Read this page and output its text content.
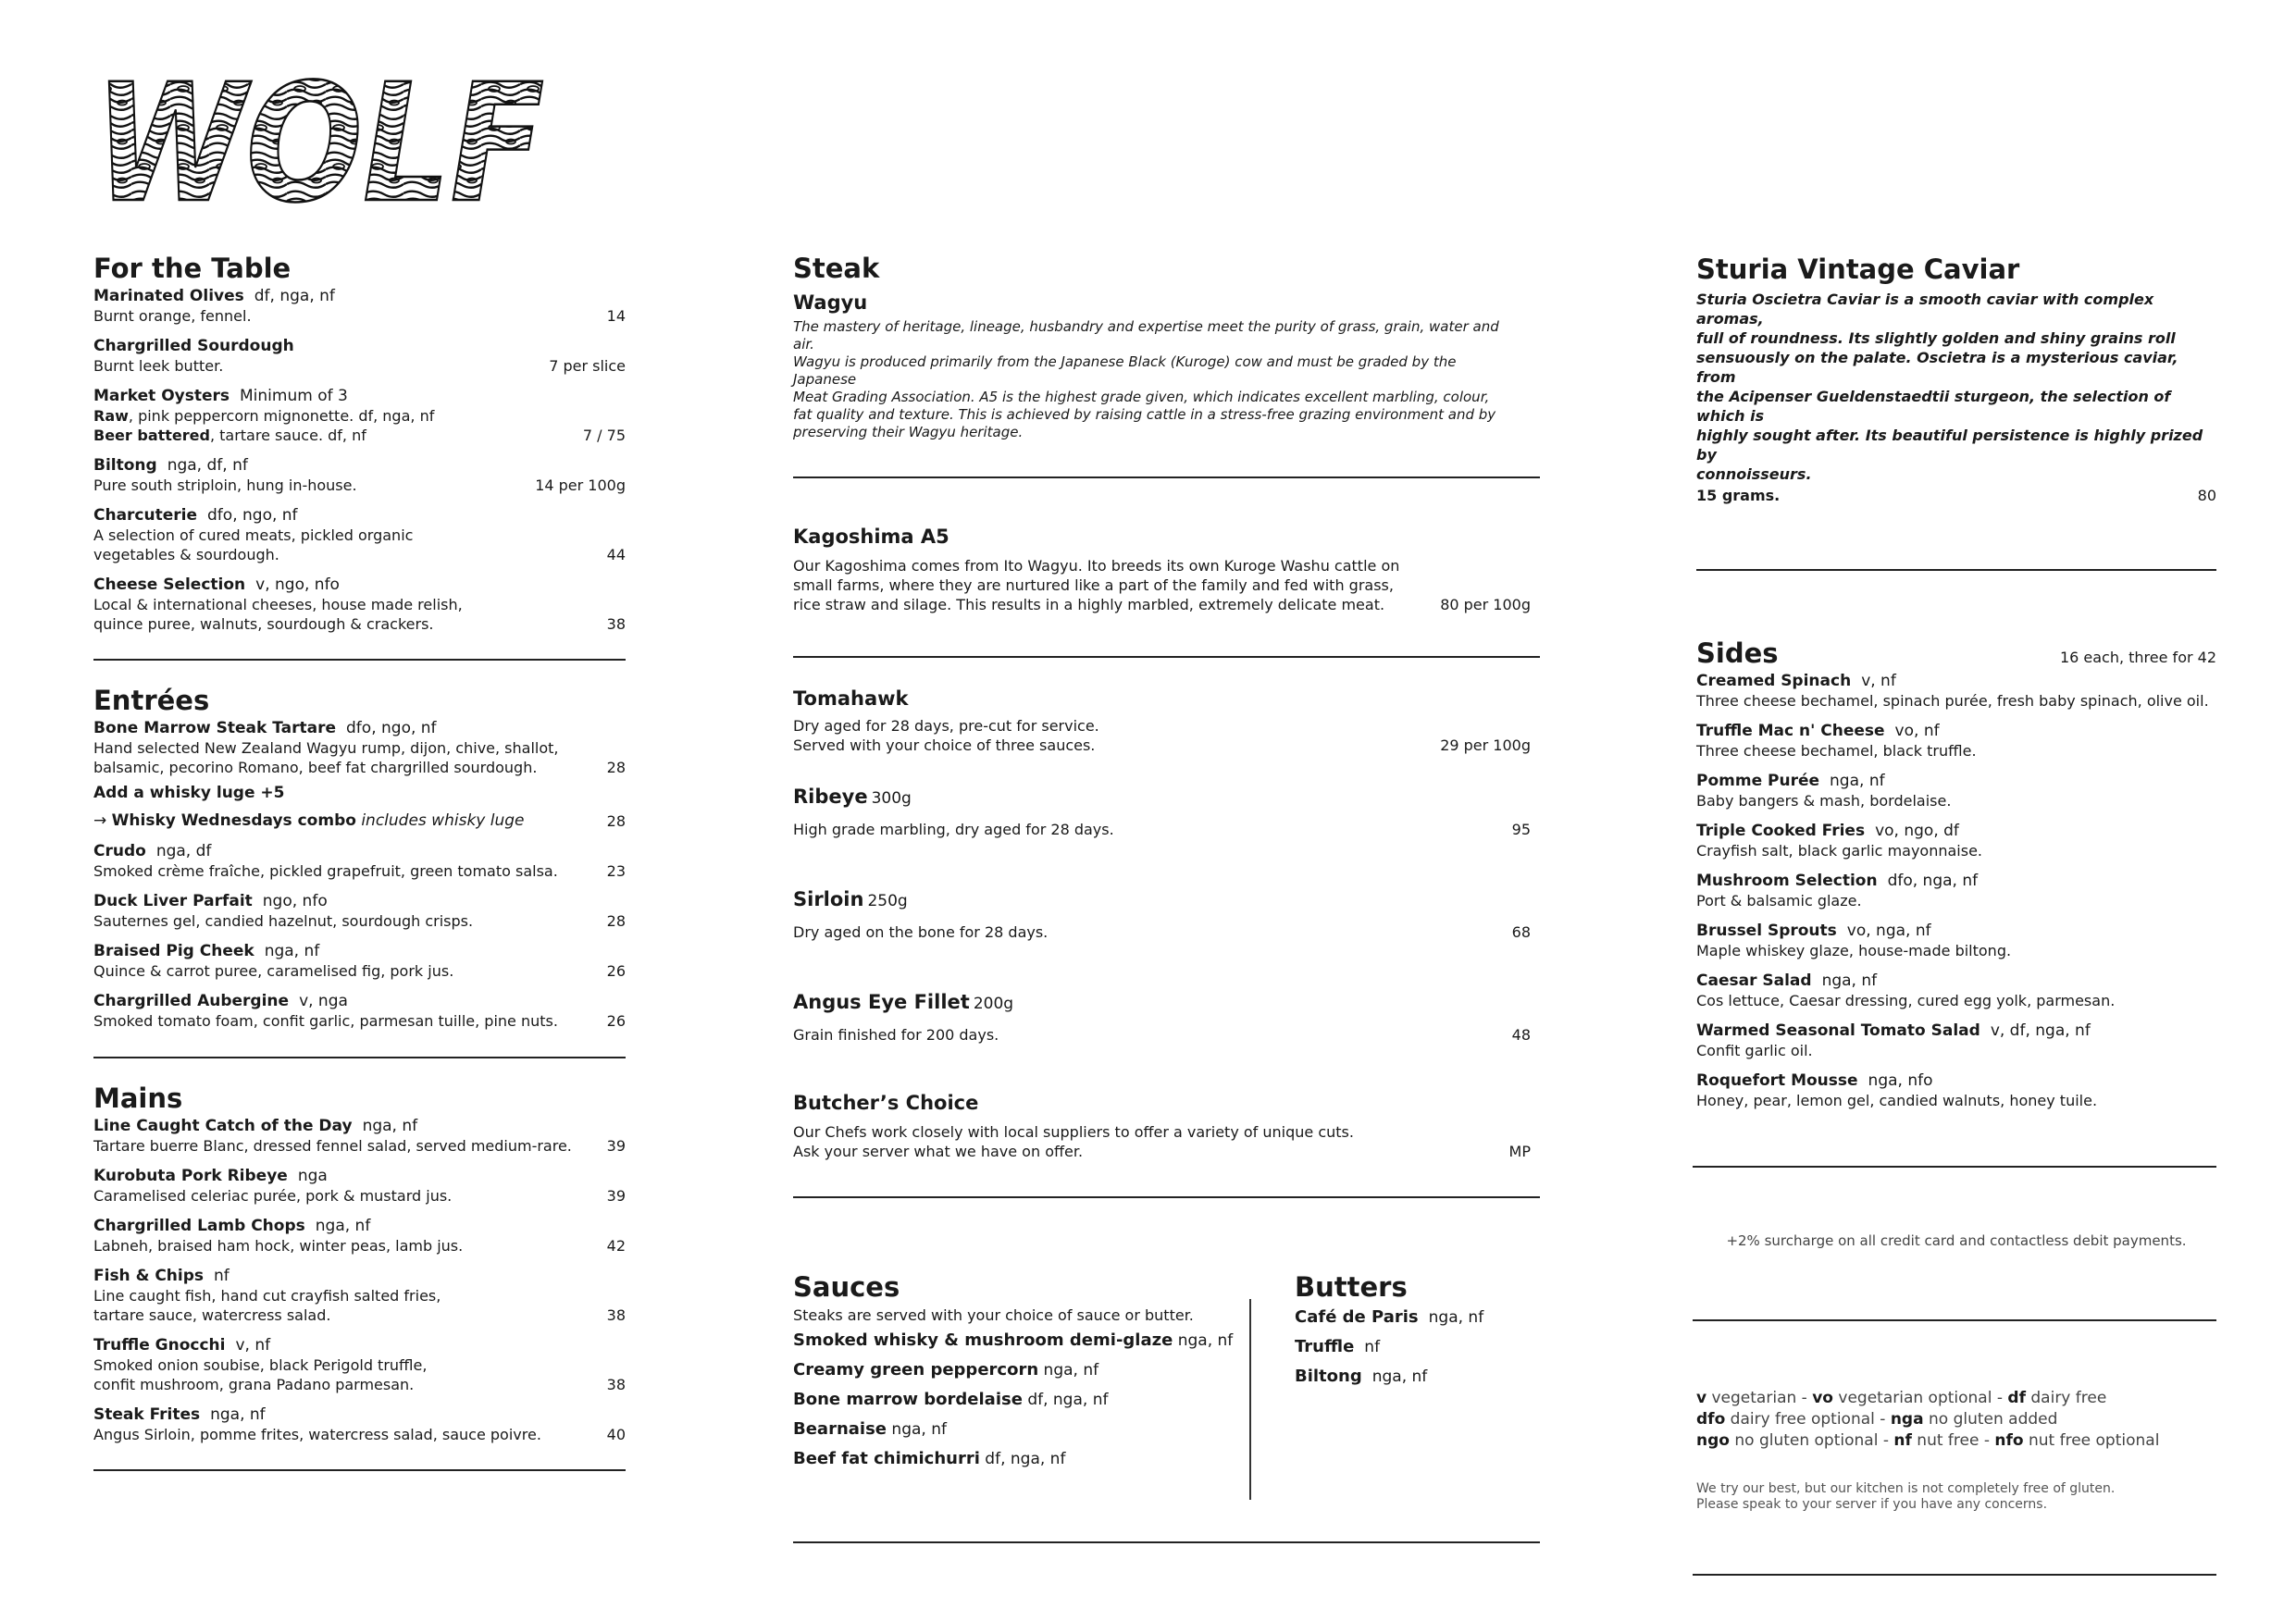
WOLF
For the Table
Marinated Olives df, nga, nf
Burnt orange, fennel.	14
Chargrilled Sourdough
Burnt leek butter.	7 per slice
Market Oysters Minimum of 3
Raw, pink peppercorn mignonette. df, nga, nf
Beer battered, tartare sauce. df, nf	7 / 75
Biltong nga, df, nf
Pure south striploin, hung in-house.	14 per 100g
Charcuterie dfo, ngo, nf
A selection of cured meats, pickled organic
vegetables & sourdough.	44
Cheese Selection v, ngo, nfo
Local & international cheeses, house made relish,
quince puree, walnuts, sourdough & crackers.	38
Entrées
Bone Marrow Steak Tartare dfo, ngo, nf
Hand selected New Zealand Wagyu rump, dijon, chive, shallot,
balsamic, pecorino Romano, beef fat chargrilled sourdough.	28
Add a whisky luge +5
→ Whisky Wednesdays combo includes whisky luge	28
Crudo nga, df
Smoked crème fraîche, pickled grapefruit, green tomato salsa.	23
Duck Liver Parfait ngo, nfo
Sauternes gel, candied hazelnut, sourdough crisps.	28
Braised Pig Cheek nga, nf
Quince & carrot puree, caramelised fig, pork jus.	26
Chargrilled Aubergine v, nga
Smoked tomato foam, confit garlic, parmesan tuille, pine nuts.	26
Mains
Line Caught Catch of the Day nga, nf
Tartare buerre Blanc, dressed fennel salad, served medium-rare.	39
Kurobuta Pork Ribeye nga
Caramelised celeriac purée, pork & mustard jus.	39
Chargrilled Lamb Chops nga, nf
Labneh, braised ham hock, winter peas, lamb jus.	42
Fish & Chips nf
Line caught fish, hand cut crayfish salted fries,
tartare sauce, watercress salad.	38
Truffle Gnocchi v, nf
Smoked onion soubise, black Perigold truffle,
confit mushroom, grana Padano parmesan.	38
Steak Frites nga, nf
Angus Sirloin, pomme frites, watercress salad, sauce poivre.	40
Steak
Wagyu
The mastery of heritage, lineage, husbandry and expertise meet the purity of grass, grain, water and air.
Wagyu is produced primarily from the Japanese Black (Kuroge) cow and must be graded by the Japanese
Meat Grading Association. A5 is the highest grade given, which indicates excellent marbling, colour,
fat quality and texture. This is achieved by raising cattle in a stress-free grazing environment and by
preserving their Wagyu heritage.
Kagoshima A5
Our Kagoshima comes from Ito Wagyu. Ito breeds its own Kuroge Washu cattle on
small farms, where they are nurtured like a part of the family and fed with grass,
rice straw and silage. This results in a highly marbled, extremely delicate meat.	80 per 100g
Tomahawk
Dry aged for 28 days, pre-cut for service.
Served with your choice of three sauces.	29 per 100g
Ribeye 300g
High grade marbling, dry aged for 28 days.	95
Sirloin 250g
Dry aged on the bone for 28 days.	68
Angus Eye Fillet 200g
Grain finished for 200 days.	48
Butcher’s Choice
Our Chefs work closely with local suppliers to offer a variety of unique cuts.
Ask your server what we have on offer.	MP
Sauces
Steaks are served with your choice of sauce or butter.
Smoked whisky & mushroom demi-glaze nga, nf
Creamy green peppercorn nga, nf
Bone marrow bordelaise df, nga, nf
Bearnaise nga, nf
Beef fat chimichurri df, nga, nf
Butters
Café de Paris nga, nf
Truffle nf
Biltong nga, nf
Sturia Vintage Caviar
Sturia Oscietra Caviar is a smooth caviar with complex aromas,
full of roundness. Its slightly golden and shiny grains roll
sensuously on the palate. Oscietra is a mysterious caviar, from
the Acipenser Gueldenstaedtii sturgeon, the selection of which is
highly sought after. Its beautiful persistence is highly prized by
connoisseurs.
15 grams.	80
Sides	16 each, three for 42
Creamed Spinach v, nf
Three cheese bechamel, spinach purée, fresh baby spinach, olive oil.
Truffle Mac n' Cheese vo, nf
Three cheese bechamel, black truffle.
Pomme Purée nga, nf
Baby bangers & mash, bordelaise.
Triple Cooked Fries vo, ngo, df
Crayfish salt, black garlic mayonnaise.
Mushroom Selection dfo, nga, nf
Port & balsamic glaze.
Brussel Sprouts vo, nga, nf
Maple whiskey glaze, house-made biltong.
Caesar Salad nga, nf
Cos lettuce, Caesar dressing, cured egg yolk, parmesan.
Warmed Seasonal Tomato Salad v, df, nga, nf
Confit garlic oil.
Roquefort Mousse nga, nfo
Honey, pear, lemon gel, candied walnuts, honey tuile.
+2% surcharge on all credit card and contactless debit payments.
v vegetarian - vo vegetarian optional - df dairy free
dfo dairy free optional - nga no gluten added
ngo no gluten optional - nf nut free - nfo nut free optional
We try our best, but our kitchen is not completely free of gluten.
Please speak to your server if you have any concerns.
